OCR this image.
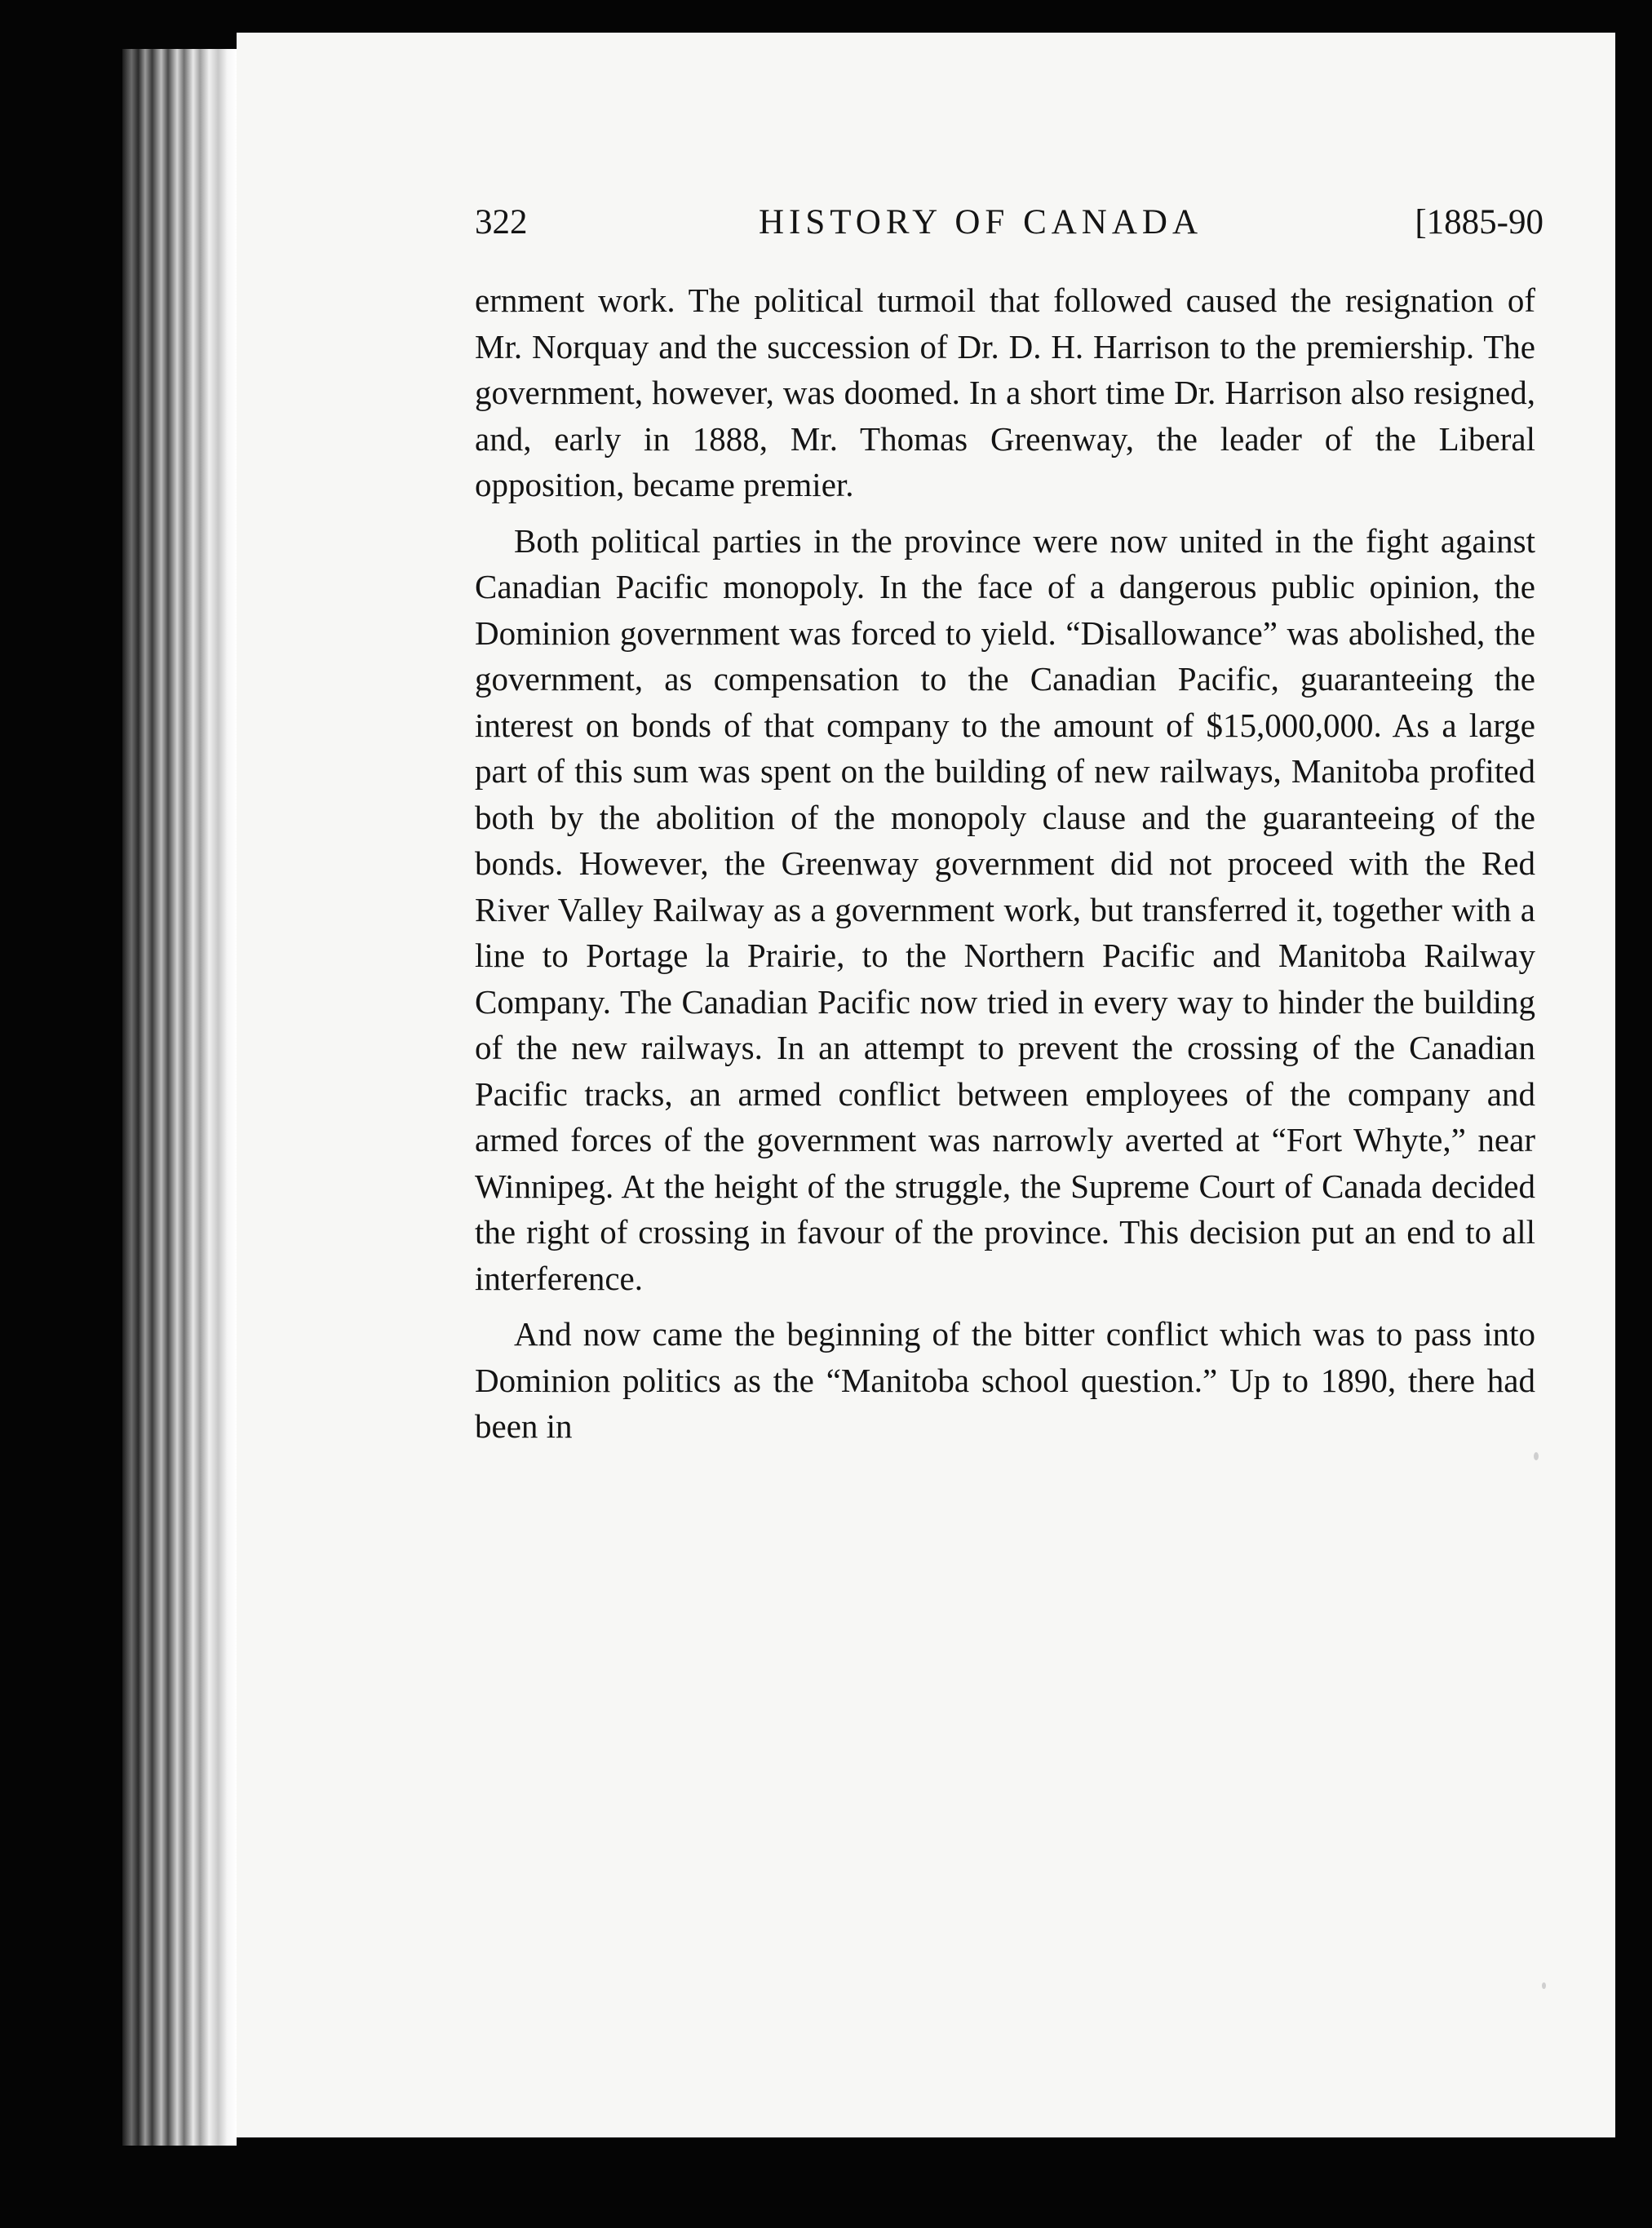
322	HISTORY OF CANADA	[1885-90

ernment work. The political turmoil that followed caused the resignation of Mr. Norquay and the succession of Dr. D. H. Harrison to the premiership. The government, however, was doomed. In a short time Dr. Harrison also resigned, and, early in 1888, Mr. Thomas Greenway, the leader of the Liberal opposition, became premier.

Both political parties in the province were now united in the fight against Canadian Pacific monopoly. In the face of a dangerous public opinion, the Dominion government was forced to yield. “Disallowance” was abolished, the government, as compensation to the Canadian Pacific, guaranteeing the interest on bonds of that company to the amount of $15,000,000. As a large part of this sum was spent on the building of new railways, Manitoba profited both by the abolition of the monopoly clause and the guaranteeing of the bonds. However, the Greenway government did not proceed with the Red River Valley Railway as a government work, but transferred it, together with a line to Portage la Prairie, to the Northern Pacific and Manitoba Railway Company. The Canadian Pacific now tried in every way to hinder the building of the new railways. In an attempt to prevent the crossing of the Canadian Pacific tracks, an armed conflict between employees of the company and armed forces of the government was narrowly averted at “Fort Whyte,” near Winnipeg. At the height of the struggle, the Supreme Court of Canada decided the right of crossing in favour of the province. This decision put an end to all interference.

And now came the beginning of the bitter conflict which was to pass into Dominion politics as the “Manitoba school question.” Up to 1890, there had been in
